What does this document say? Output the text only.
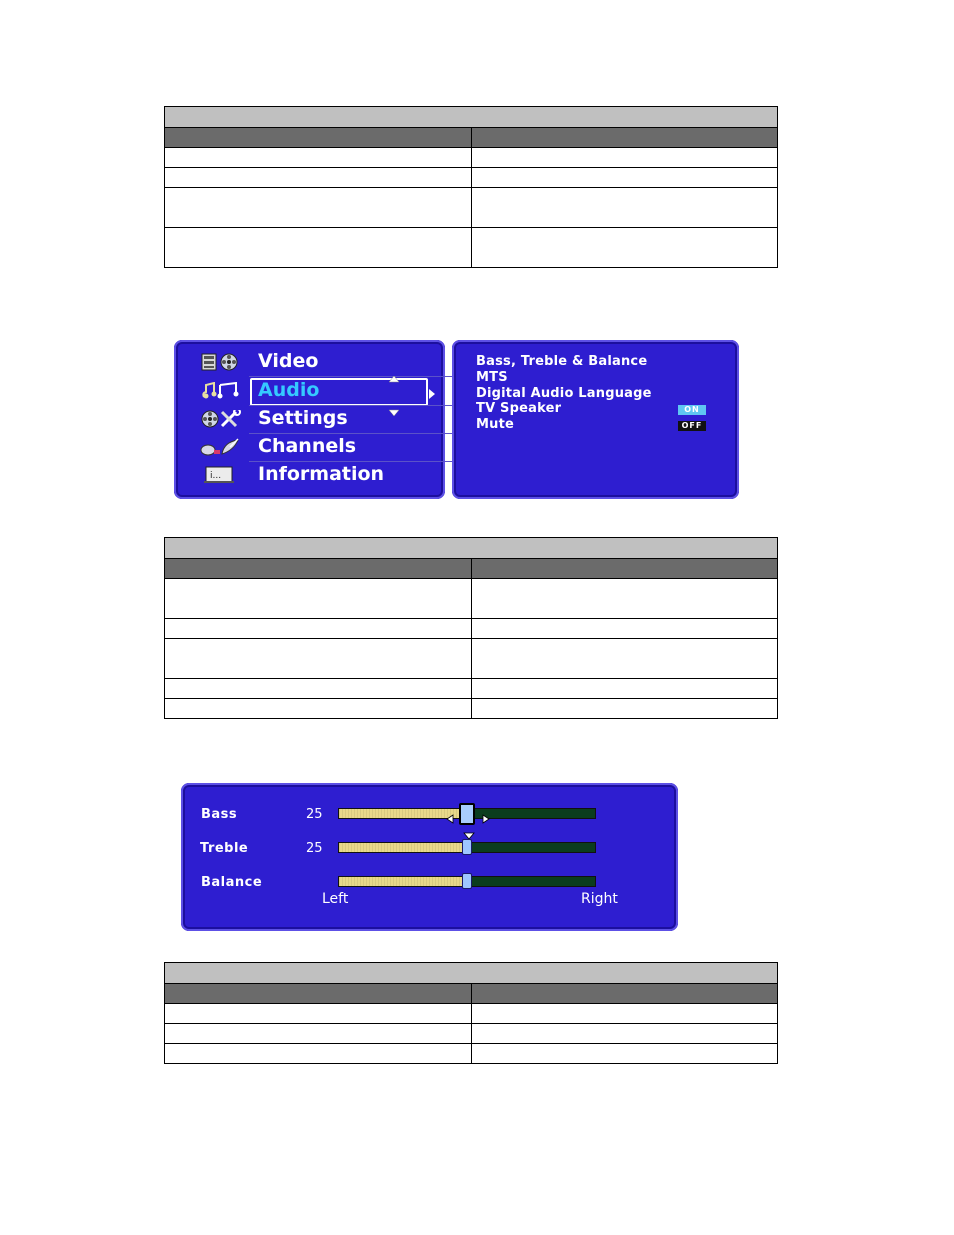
Video
Audio
Settings
Channels
i... Information
Bass, Treble & Balance
MTS
Digital Audio Language
TV Speaker	ON
Mute	OFF

Bass	25
Treble	25
Balance
Left	Right
